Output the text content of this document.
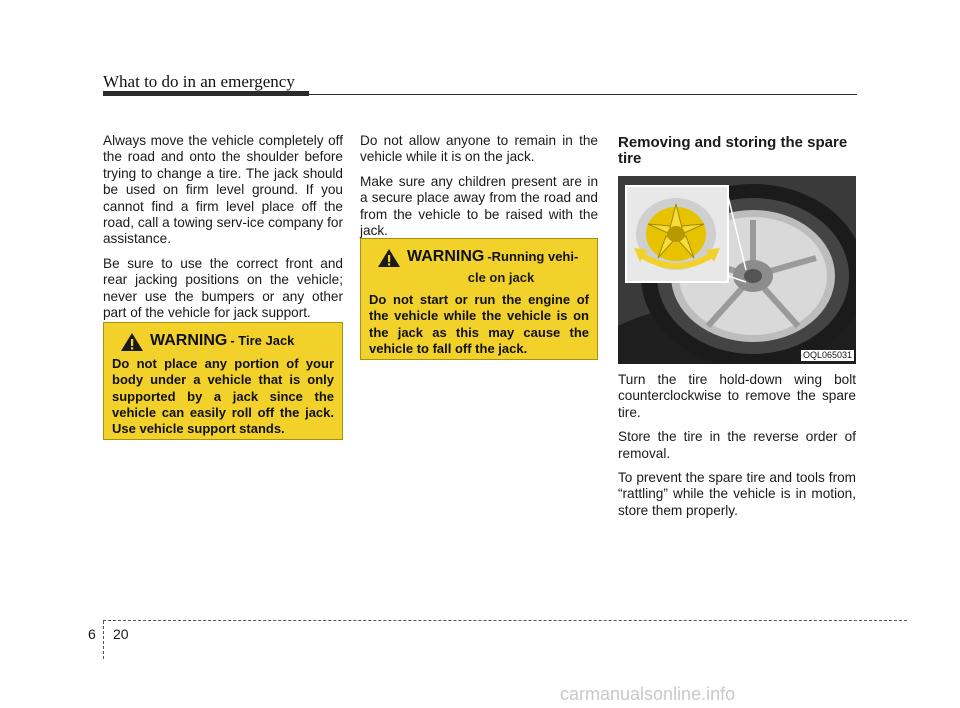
What to do in an emergency

Always move the vehicle completely off the road and onto the shoulder before trying to change a tire. The jack should be used on firm level ground. If you cannot find a firm level place off the road, call a towing serv-ice company for assistance.

Be sure to use the correct front and rear jacking positions on the vehicle; never use the bumpers or any other part of the vehicle for jack support.

WARNING - Tire Jack
Do not place any portion of your body under a vehicle that is only supported by a jack since the vehicle can easily roll off the jack. Use vehicle support stands.

Do not allow anyone to remain in the vehicle while it is on the jack.

Make sure any children present are in a secure place away from the road and from the vehicle to be raised with the jack.

WARNING -Running vehi-
cle on jack
Do not start or run the engine of the vehicle while the vehicle is on the jack as this may cause the vehicle to fall off the jack.
Removing and storing the spare tire
OQL065031

Turn the tire hold-down wing bolt counterclockwise to remove the spare tire.

Store the tire in the reverse order of removal.

To prevent the spare tire and tools from “rattling” while the vehicle is in motion, store them properly.

6 20
carmanualsonline.info
